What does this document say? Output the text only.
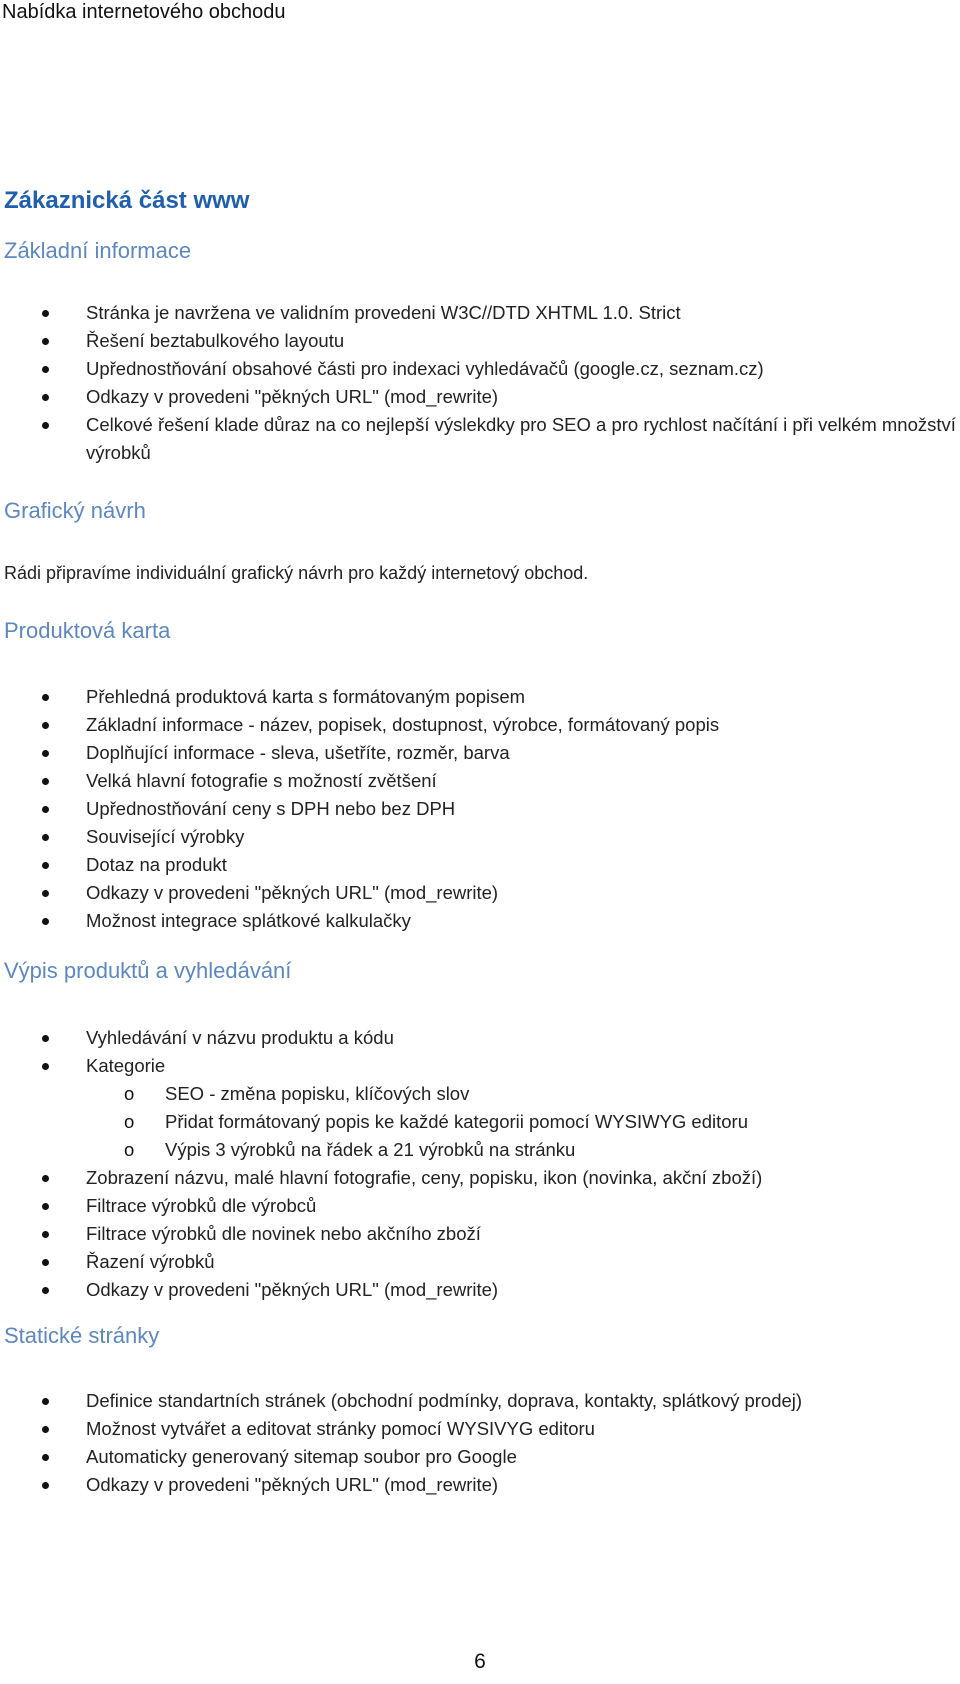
Nabídka internetového obchodu
Zákaznická část www
Základní informace
Stránka je navržena ve validním provedeni W3C//DTD XHTML 1.0. Strict
Řešení beztabulkového layoutu
Upřednostňování obsahové části pro indexaci vyhledávačů (google.cz, seznam.cz)
Odkazy v provedeni "pěkných URL" (mod_rewrite)
Celkové řešení klade důraz na co nejlepší výslekdky pro SEO a pro rychlost načítání i při velkém množství výrobků
Grafický návrh
Rádi připravíme individuální grafický návrh pro každý internetový obchod.
Produktová karta
Přehledná produktová karta s formátovaným popisem
Základní informace - název, popisek, dostupnost, výrobce, formátovaný popis
Doplňující informace - sleva, ušetříte, rozměr, barva
Velká hlavní fotografie s možností zvětšení
Upřednostňování ceny s DPH nebo bez DPH
Související výrobky
Dotaz na produkt
Odkazy v provedeni "pěkných URL" (mod_rewrite)
Možnost integrace splátkové kalkulačky
Výpis produktů a vyhledávání
Vyhledávání v názvu produktu a kódu
Kategorie
o SEO - změna popisku, klíčových slov
o Přidat formátovaný popis ke každé kategorii pomocí WYSIWYG editoru
o Výpis 3 výrobků na řádek a 21 výrobků na stránku
Zobrazení názvu, malé hlavní fotografie, ceny, popisku, ikon (novinka, akční zboží)
Filtrace výrobků dle výrobců
Filtrace výrobků dle novinek nebo akčního zboží
Řazení výrobků
Odkazy v provedeni "pěkných URL" (mod_rewrite)
Statické stránky
Definice standartních stránek (obchodní podmínky, doprava, kontakty, splátkový prodej)
Možnost vytvářet a editovat stránky pomocí WYSIVYG editoru
Automaticky generovaný sitemap soubor pro Google
Odkazy v provedeni "pěkných URL" (mod_rewrite)
6
